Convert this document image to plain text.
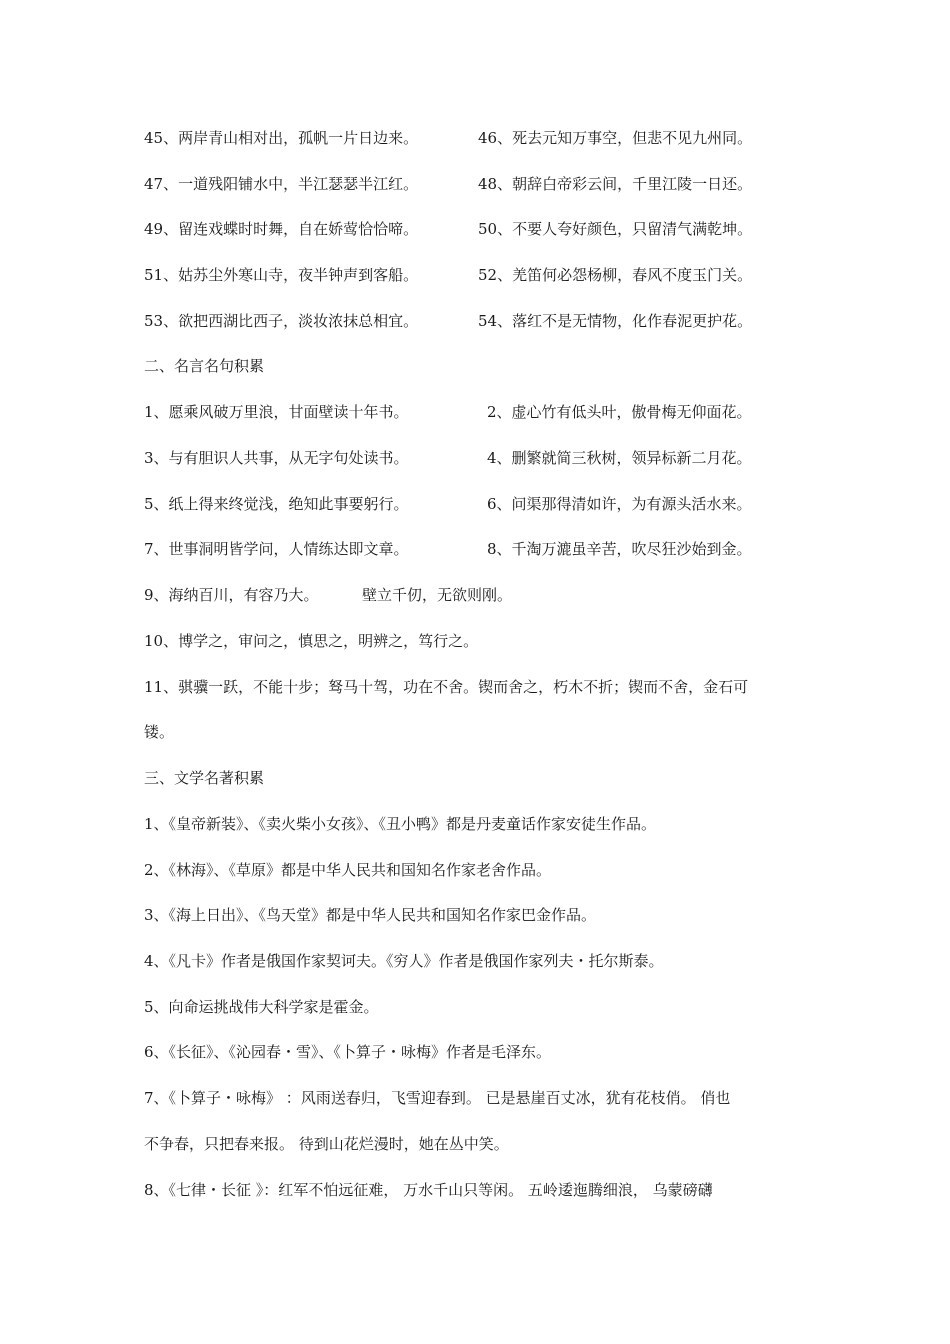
45、两岸青山相对出，孤帆一片日边来。	46、死去元知万事空，但悲不见九州同。
47、一道残阳铺水中，半江瑟瑟半江红。	48、朝辞白帝彩云间，千里江陵一日还。
49、留连戏蝶时时舞，自在娇莺恰恰啼。	50、不要人夸好颜色，只留清气满乾坤。
51、姑苏尘外寒山寺，夜半钟声到客船。	52、羌笛何必怨杨柳，春风不度玉门关。
53、欲把西湖比西子，淡妆浓抹总相宜。	54、落红不是无情物，化作春泥更护花。
二、名言名句积累
1、愿乘风破万里浪，甘面壁读十年书。	2、虚心竹有低头叶，傲骨梅无仰面花。
3、与有胆识人共事，从无字句处读书。	4、删繁就简三秋树，领异标新二月花。
5、纸上得来终觉浅，绝知此事要躬行。	6、问渠那得清如许，为有源头活水来。
7、世事洞明皆学问，人情练达即文章。	8、千淘万漉虽辛苦，吹尽狂沙始到金。
9、海纳百川，有容乃大。	壁立千仞，无欲则刚。
10、博学之，审问之，慎思之，明辨之，笃行之。
11、骐骥一跃，不能十步；驽马十驾，功在不舍。锲而舍之，朽木不折；锲而不舍，金石可
镂。
三、文学名著积累
1、《皇帝新装》、《卖火柴小女孩》、《丑小鸭》都是丹麦童话作家安徒生作品。
2、《林海》、《草原》都是中华人民共和国知名作家老舍作品。
3、《海上日出》、《鸟天堂》都是中华人民共和国知名作家巴金作品。
4、《凡卡》作者是俄国作家契诃夫。《穷人》作者是俄国作家列夫・托尔斯泰。
5、向命运挑战伟大科学家是霍金。
6、《长征》、《沁园春・雪》、《卜算子・咏梅》作者是毛泽东。
7、《卜算子・咏梅》 ：风雨送春归，飞雪迎春到。 已是悬崖百丈冰，犹有花枝俏。 俏也
不争春，只把春来报。 待到山花烂漫时，她在丛中笑。
8、《七律・长征 》：红军不怕远征难， 万水千山只等闲。 五岭逶迤腾细浪， 乌蒙磅礴
